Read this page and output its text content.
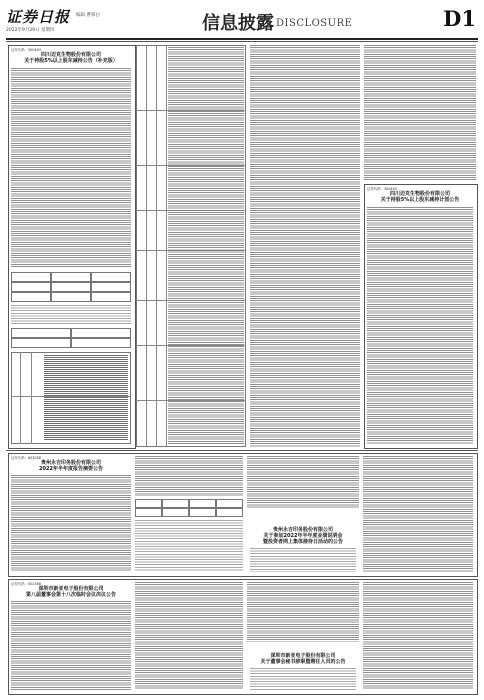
证券日报
2022年9月29日 星期四
编辑 曹慕白	信息披露 DISCLOSURE	D1
证券代码：300463
四川迈克生物股份有限公司
关于持股5%以上股东减持公告（补充版）
证券代码：300463
四川迈克生物股份有限公司
关于持股5%以上股东减持计划公告
证券代码：603058
贵州永吉印务股份有限公司
2022年半年度报告摘要公告
贵州永吉印务股份有限公司
关于参加2022年半年度业绩说明会
暨投资者网上集体接待日活动的公告
证券代码：002388
深圳市新亚电子股份有限公司
第八届董事会第十八次临时会议决议公告
深圳市新亚电子股份有限公司
关于董事会秘书辞职暨聘任人员的公告
